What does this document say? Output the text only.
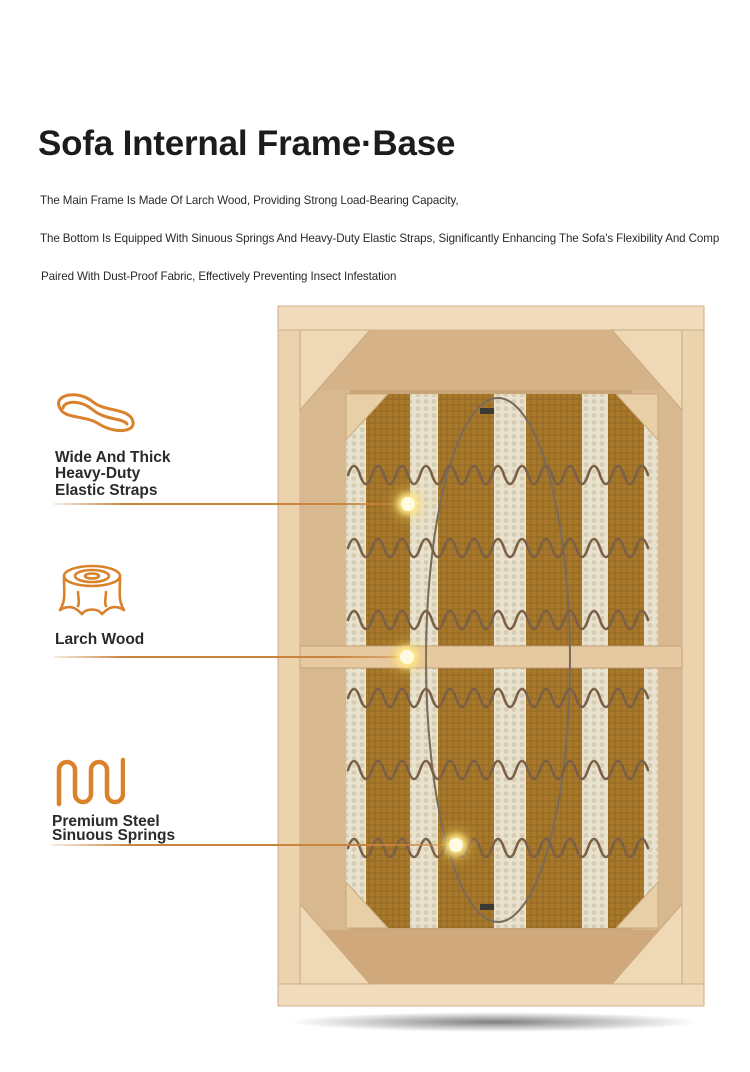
Sofa Internal Frame·Base
The Main Frame Is Made Of Larch Wood, Providing Strong Load-Bearing Capacity,
The Bottom Is Equipped With Sinuous Springs And Heavy-Duty Elastic Straps, Significantly Enhancing The Sofa's Flexibility And Comp
Paired With Dust-Proof Fabric, Effectively Preventing Insect Infestation
Wide And Thick
Heavy-Duty
Elastic Straps
Larch Wood
Premium Steel
Sinuous Springs
